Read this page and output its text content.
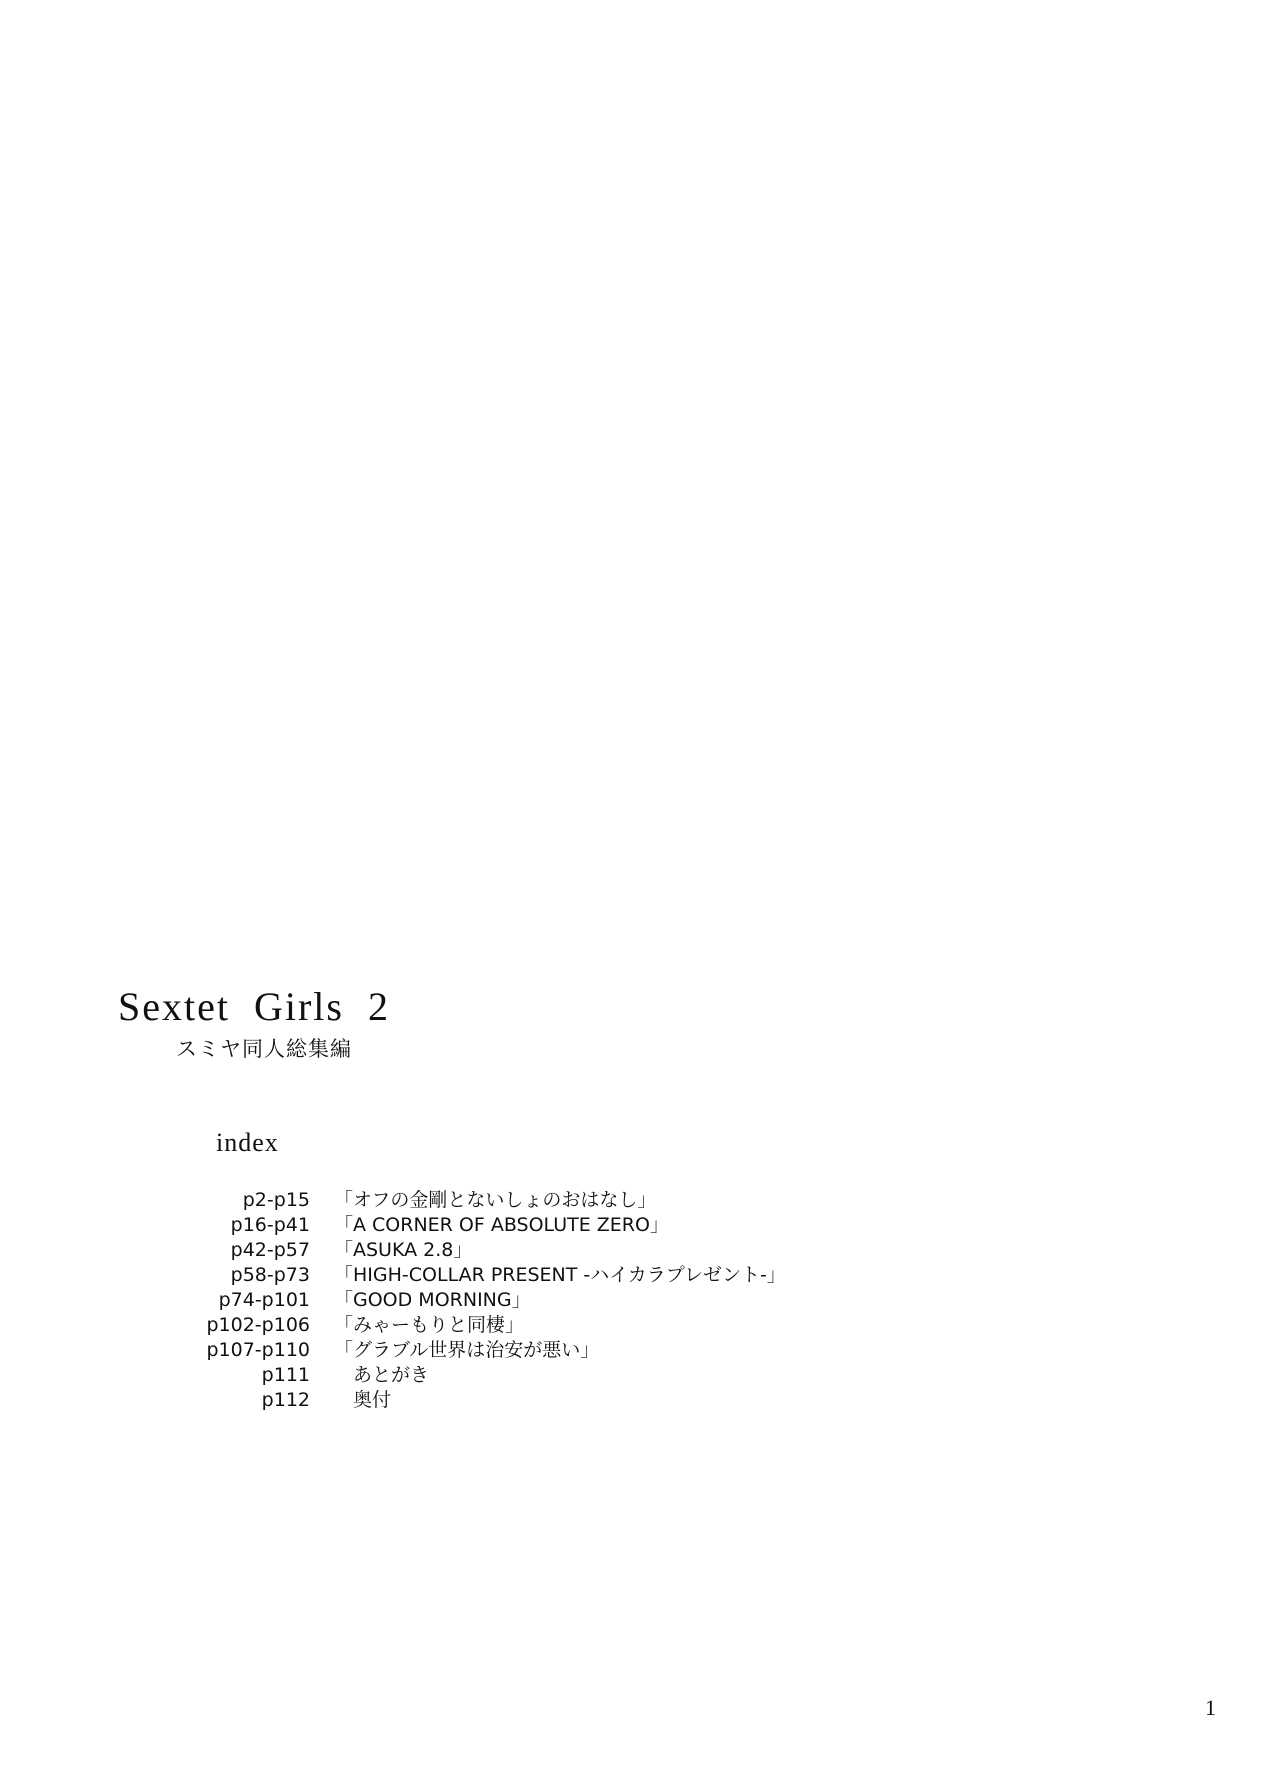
Sextet  Girls  2
スミヤ同人総集編
index
p2-p15	「オフの金剛とないしょのおはなし」
p16-p41	「A CORNER OF ABSOLUTE ZERO」
p42-p57	「ASUKA 2.8」
p58-p73	「HIGH-COLLAR PRESENT -ハイカラプレゼント-」
p74-p101	「GOOD MORNING」
p102-p106	「みゃーもりと同棲」
p107-p110	「グラブル世界は治安が悪い」
p111	　あとがき
p112	　奥付
1
